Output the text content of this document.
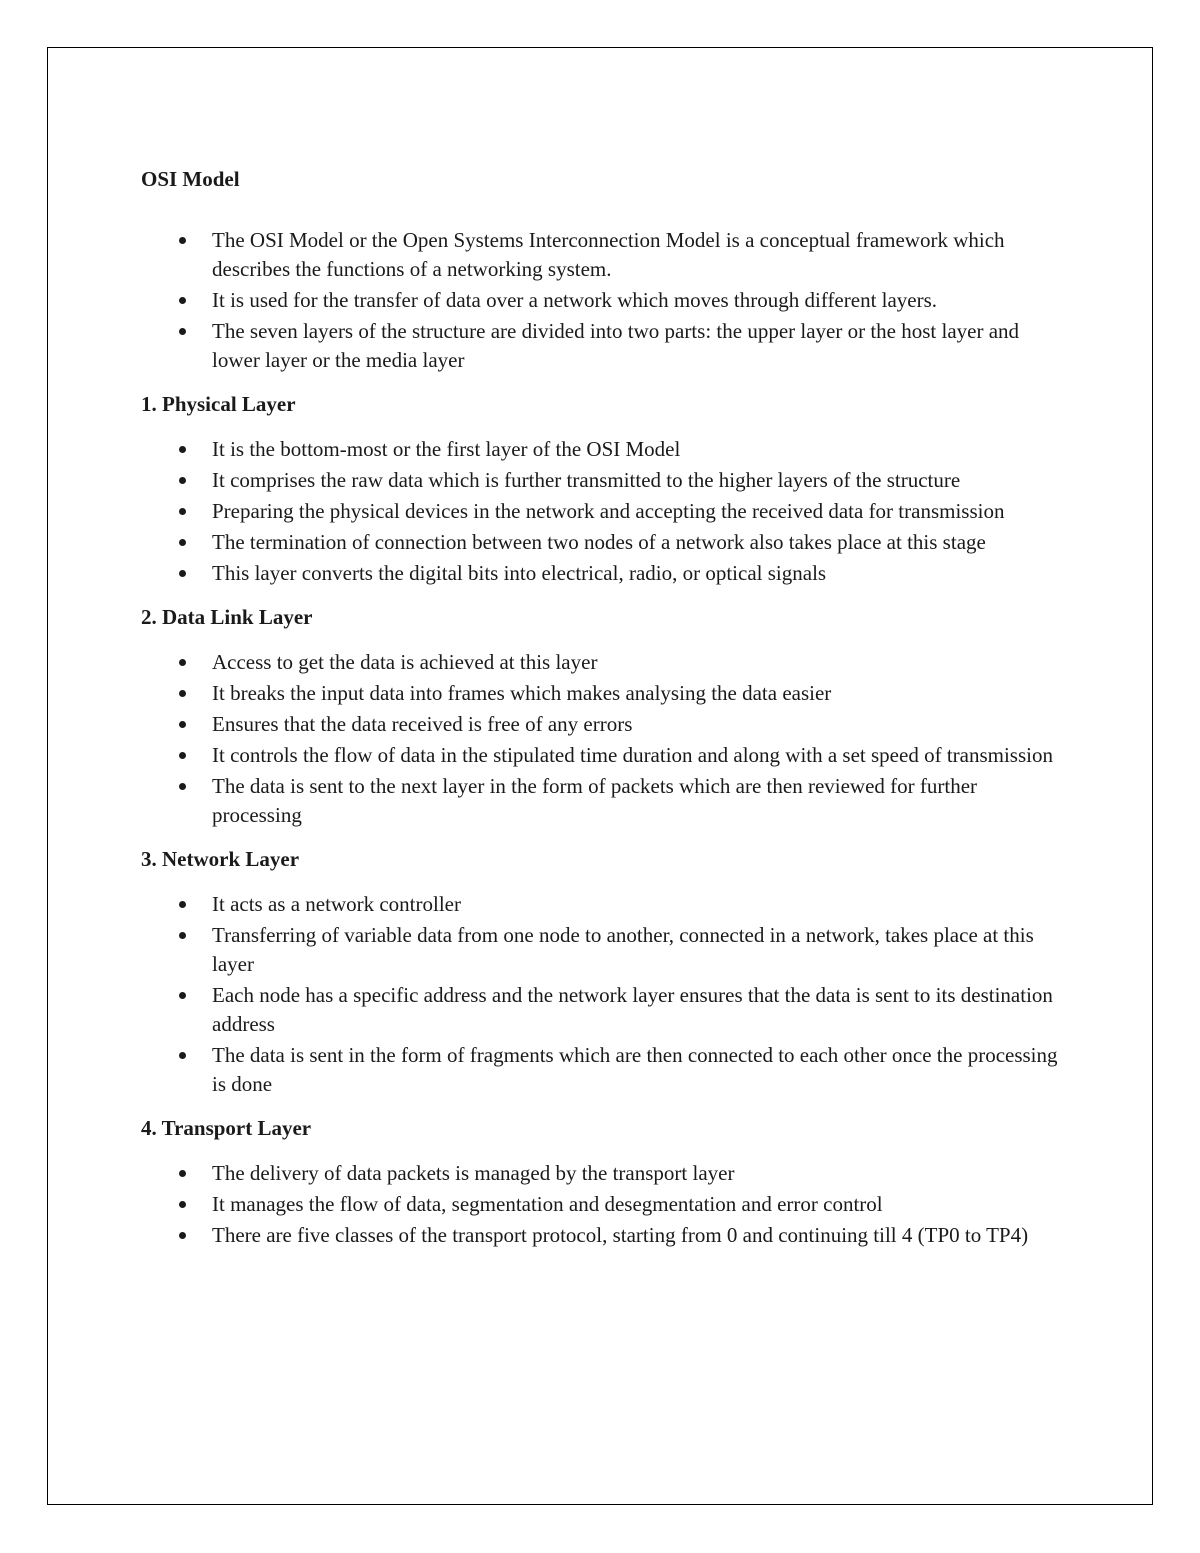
OSI Model
The OSI Model or the Open Systems Interconnection Model is a conceptual framework which describes the functions of a networking system.
It is used for the transfer of data over a network which moves through different layers.
The seven layers of the structure are divided into two parts: the upper layer or the host layer and lower layer or the media layer
1. Physical Layer
It is the bottom-most or the first layer of the OSI Model
It comprises the raw data which is further transmitted to the higher layers of the structure
Preparing the physical devices in the network and accepting the received data for transmission
The termination of connection between two nodes of a network also takes place at this stage
This layer converts the digital bits into electrical, radio, or optical signals
2. Data Link Layer
Access to get the data is achieved at this layer
It breaks the input data into frames which makes analysing the data easier
Ensures that the data received is free of any errors
It controls the flow of data in the stipulated time duration and along with a set speed of transmission
The data is sent to the next layer in the form of packets which are then reviewed for further processing
3. Network Layer
It acts as a network controller
Transferring of variable data from one node to another, connected in a network, takes place at this layer
Each node has a specific address and the network layer ensures that the data is sent to its destination address
The data is sent in the form of fragments which are then connected to each other once the processing is done
4. Transport Layer
The delivery of data packets is managed by the transport layer
It manages the flow of data, segmentation and desegmentation and error control
There are five classes of the transport protocol, starting from 0 and continuing till 4 (TP0 to TP4)
